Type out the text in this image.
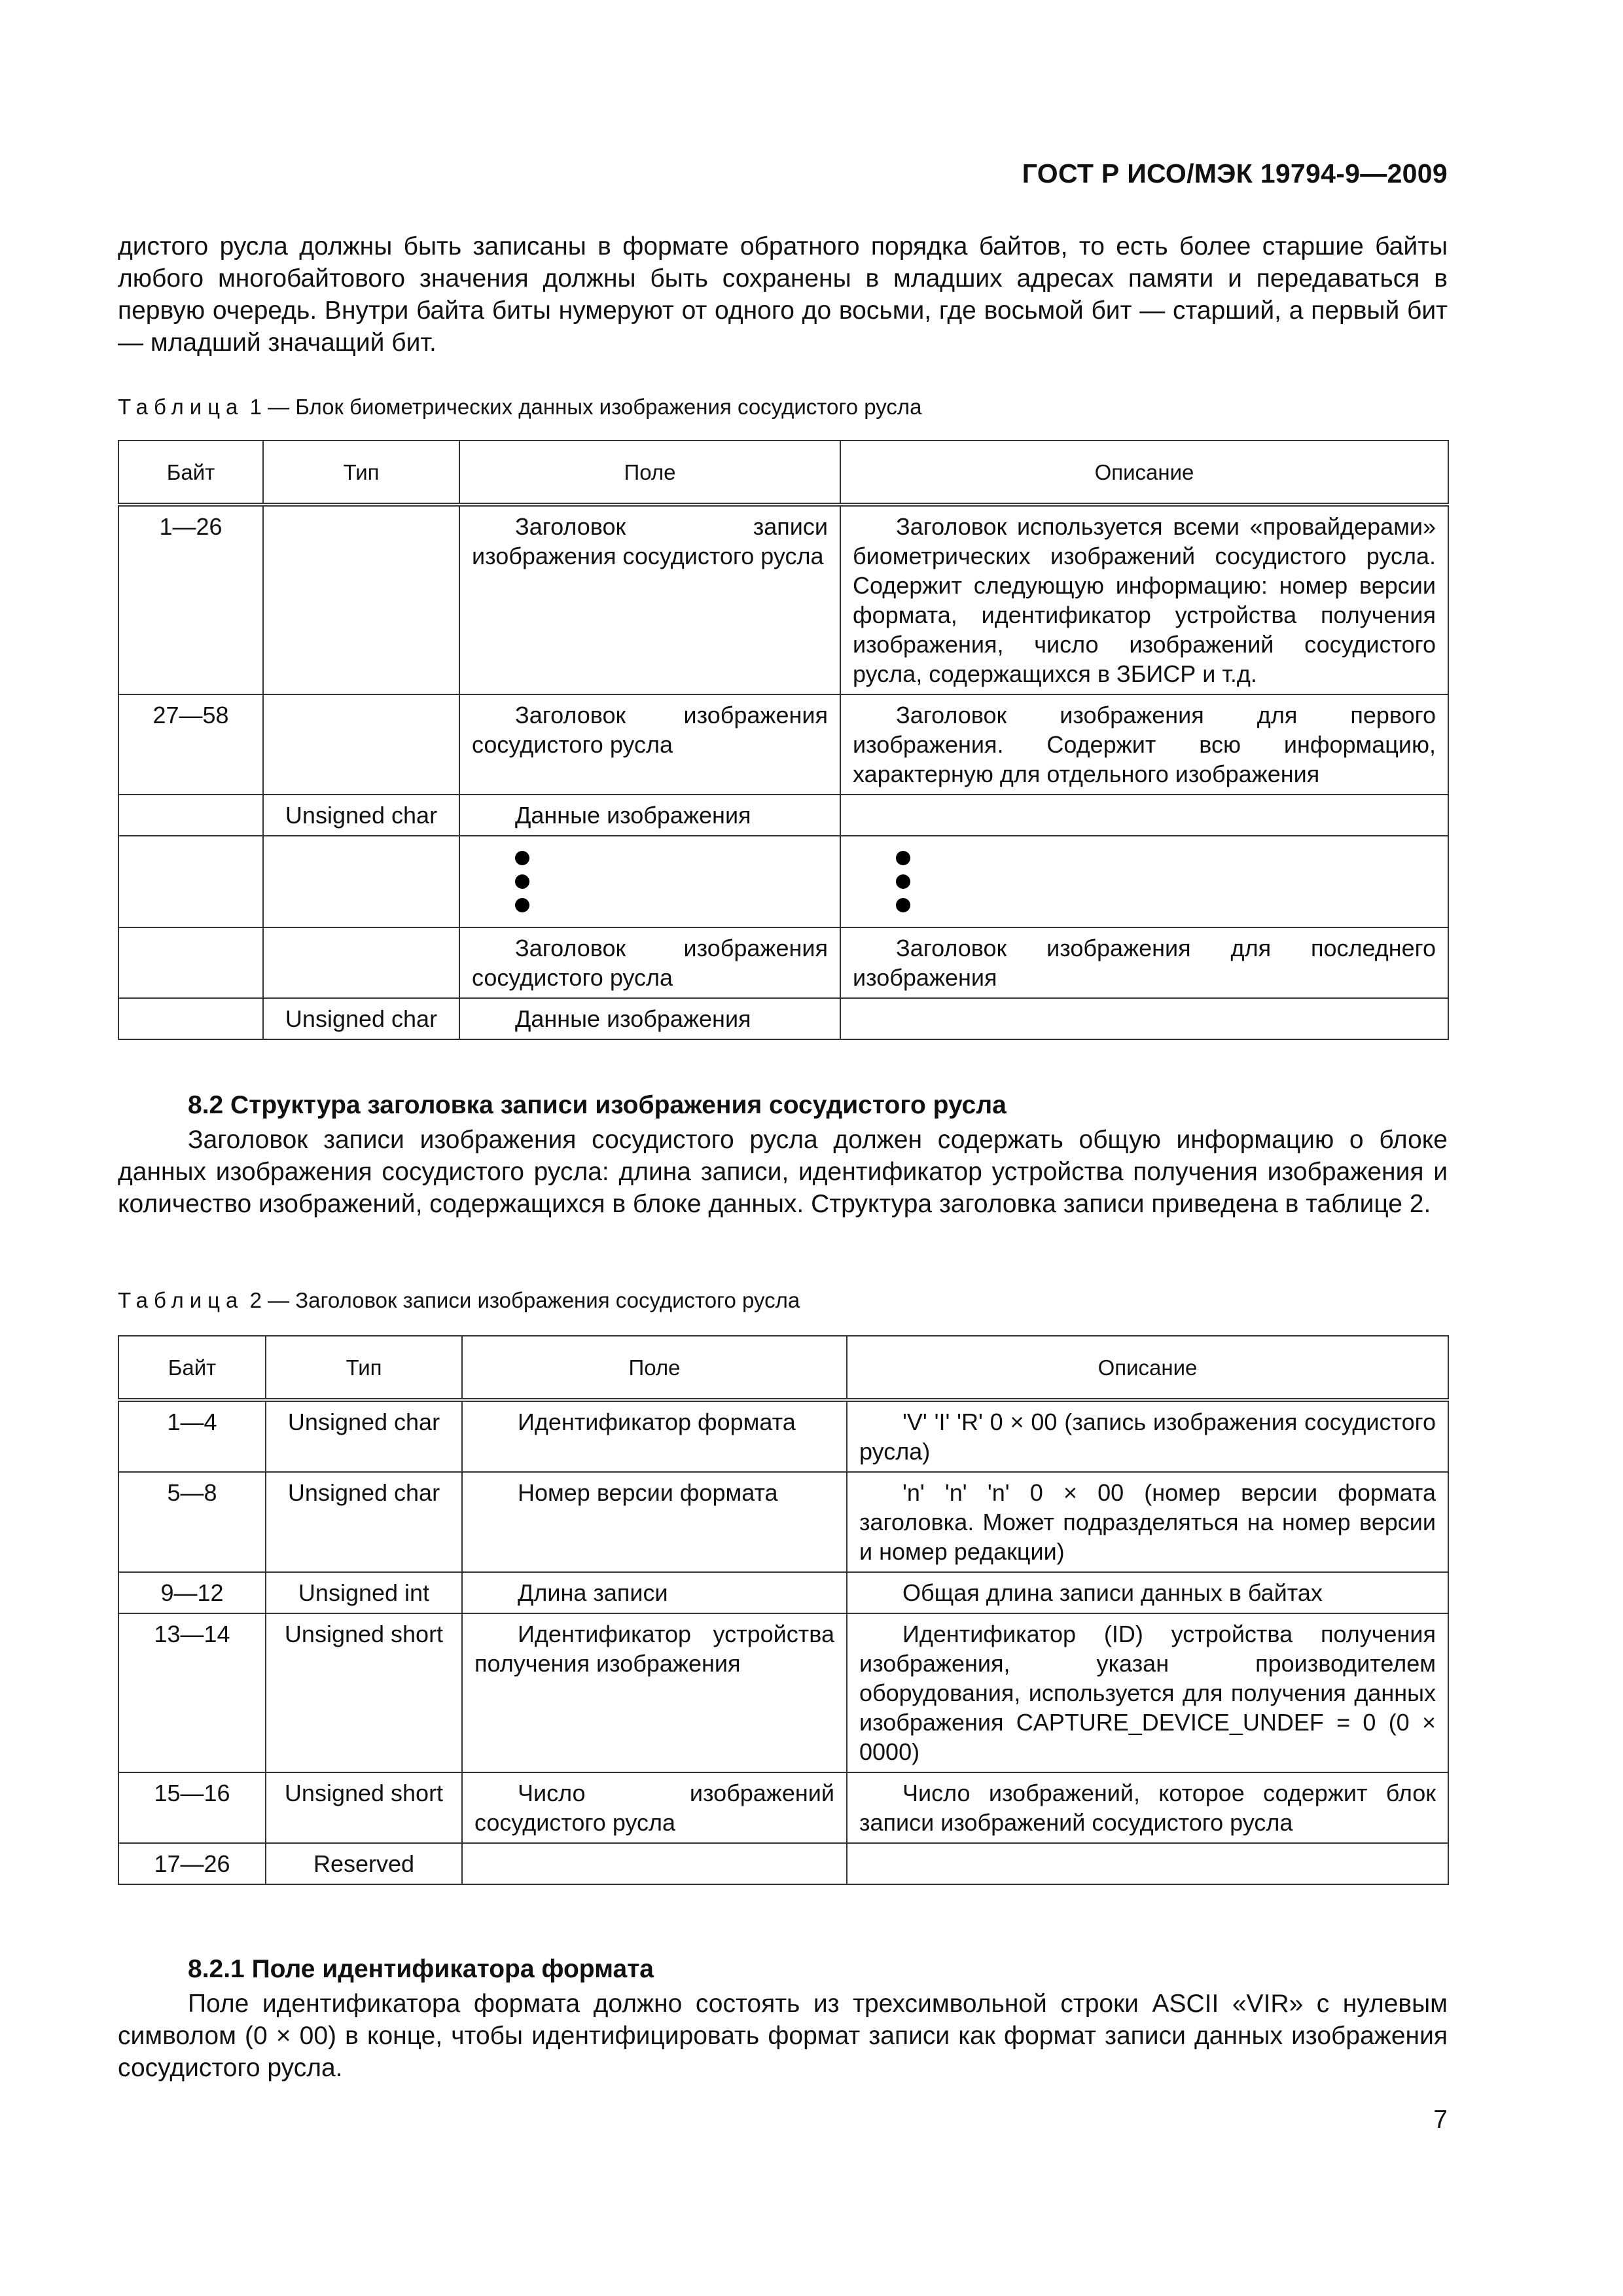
ГОСТ Р ИСО/МЭК 19794-9—2009

дистого русла должны быть записаны в формате обратного порядка байтов, то есть более старшие байты любого многобайтового значения должны быть сохранены в младших адресах памяти и передаваться в первую очередь. Внутри байта биты нумеруют от одного до восьми, где восьмой бит — старший, а первый бит — младший значащий бит.

Таблица 1 — Блок биометрических данных изображения сосудистого русла
Байт	Тип	Поле	Описание
1—26		Заголовок записи изображения сосудистого русла	Заголовок используется всеми «провайдерами» биометрических изображений сосудистого русла. Содержит следующую информацию: номер версии формата, идентификатор устройства получения изображения, число изображений сосудистого русла, содержащихся в ЗБИСР и т.д.
27—58		Заголовок изображения сосудистого русла	Заголовок изображения для первого изображения. Содержит всю информацию, характерную для отдельного изображения
	Unsigned char	Данные изображения	

		Заголовок изображения сосудистого русла	Заголовок изображения для последнего изображения
	Unsigned char	Данные изображения	
8.2 Структура заголовка записи изображения сосудистого русла

Заголовок записи изображения сосудистого русла должен содержать общую информацию о блоке данных изображения сосудистого русла: длина записи, идентификатор устройства получения изображения и количество изображений, содержащихся в блоке данных. Структура заголовка записи приведена в таблице 2.

Таблица 2 — Заголовок записи изображения сосудистого русла
Байт	Тип	Поле	Описание
1—4	Unsigned char	Идентификатор формата	'V' 'I' 'R' 0 × 00 (запись изображения сосудистого русла)
5—8	Unsigned char	Номер версии формата	'n' 'n' 'n' 0 × 00 (номер версии формата заголовка. Может подразделяться на номер версии и номер редакции)
9—12	Unsigned int	Длина записи	Общая длина записи данных в байтах
13—14	Unsigned short	Идентификатор устройства получения изображения	Идентификатор (ID) устройства получения изображения, указан производителем оборудования, используется для получения данных изображения CAPTURE_DEVICE_UNDEF = 0 (0 × 0000)
15—16	Unsigned short	Число изображений сосудистого русла	Число изображений, которое содержит блок записи изображений сосудистого русла
17—26	Reserved		
8.2.1 Поле идентификатора формата

Поле идентификатора формата должно состоять из трехсимвольной строки ASCII «VIR» с нулевым символом (0 × 00) в конце, чтобы идентифицировать формат записи как формат записи данных изображения сосудистого русла.

7
